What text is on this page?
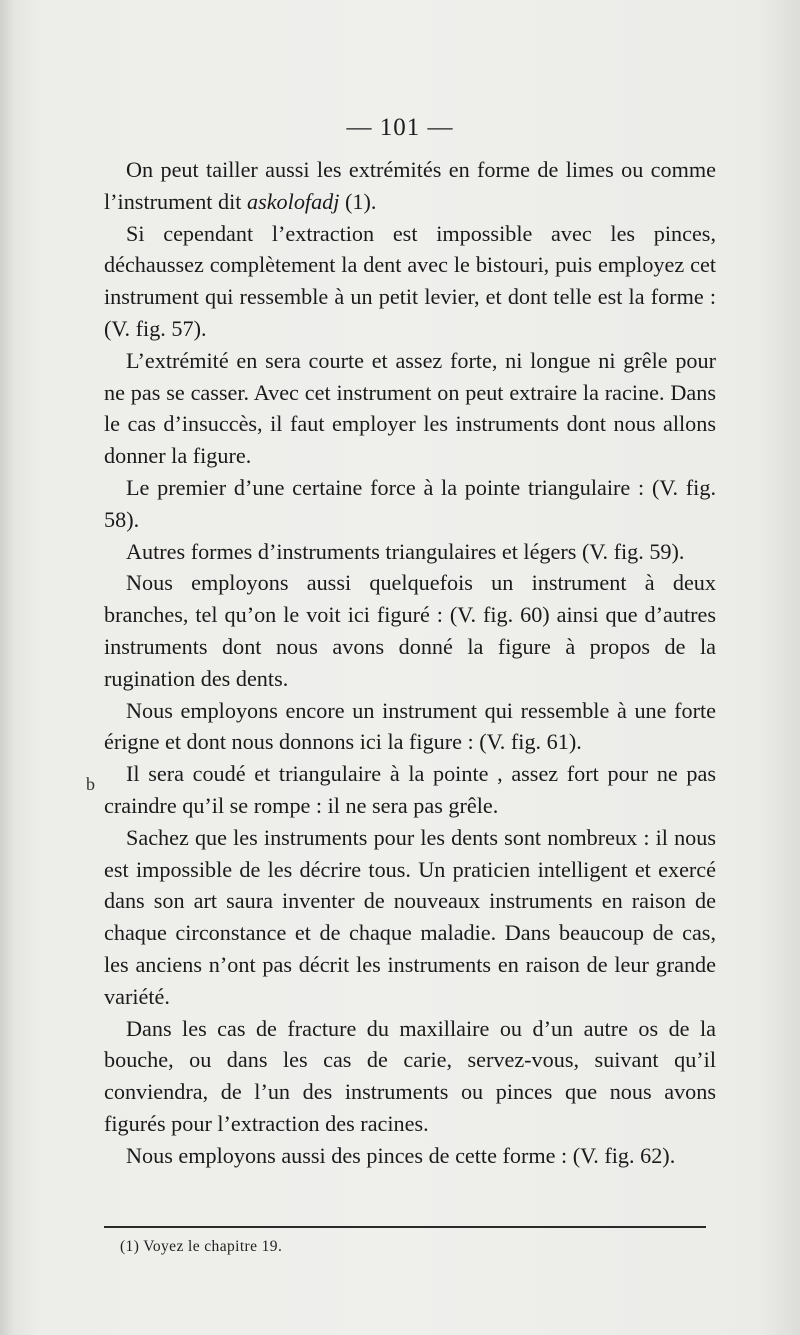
— 101 —
b

On peut tailler aussi les extrémités en forme de limes ou comme l’instrument dit askolofadj (1).

Si cependant l’extraction est impossible avec les pinces, déchaussez complètement la dent avec le bistouri, puis employez cet instrument qui ressemble à un petit levier, et dont telle est la forme : (V. fig. 57).

L’extrémité en sera courte et assez forte, ni longue ni grêle pour ne pas se casser. Avec cet instrument on peut extraire la racine. Dans le cas d’insuccès, il faut employer les instruments dont nous allons donner la figure.

Le premier d’une certaine force à la pointe triangulaire : (V. fig. 58).

Autres formes d’instruments triangulaires et légers (V. fig. 59).

Nous employons aussi quelquefois un instrument à deux branches, tel qu’on le voit ici figuré : (V. fig. 60) ainsi que d’autres instruments dont nous avons donné la figure à propos de la rugination des dents.

Nous employons encore un instrument qui ressemble à une forte érigne et dont nous donnons ici la figure : (V. fig. 61).

Il sera coudé et triangulaire à la pointe , assez fort pour ne pas craindre qu’il se rompe : il ne sera pas grêle.

Sachez que les instruments pour les dents sont nombreux : il nous est impossible de les décrire tous. Un praticien intelligent et exercé dans son art saura inventer de nouveaux instruments en raison de chaque circonstance et de chaque maladie. Dans beaucoup de cas, les anciens n’ont pas décrit les instruments en raison de leur grande variété.

Dans les cas de fracture du maxillaire ou d’un autre os de la bouche, ou dans les cas de carie, servez-vous, suivant qu’il conviendra, de l’un des instruments ou pinces que nous avons figurés pour l’extraction des racines.

Nous employons aussi des pinces de cette forme : (V. fig. 62).

(1) Voyez le chapitre 19.
